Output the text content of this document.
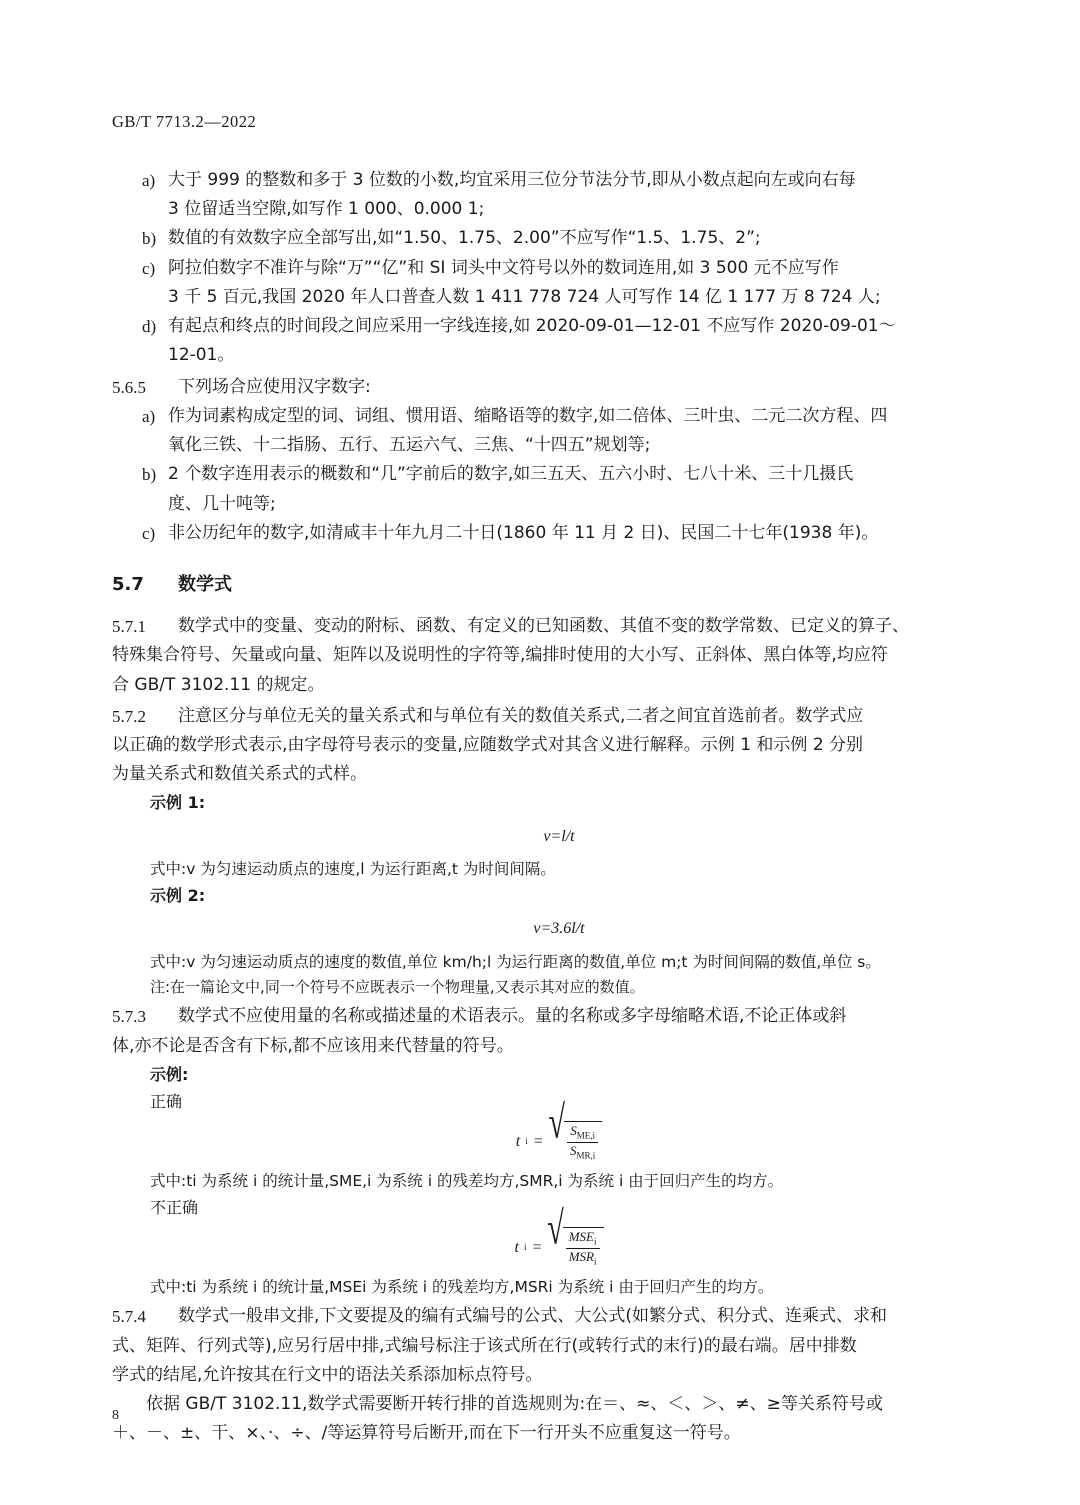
GB/T 7713.2—2022
a) 大于 999 的整数和多于 3 位数的小数,均宜采用三位分节法分节,即从小数点起向左或向右每
3 位留适当空隙,如写作 1 000、0.000 1;
b) 数值的有效数字应全部写出,如“1.50、1.75、2.00”不应写作“1.5、1.75、2”;
c) 阿拉伯数字不准许与除“万”“亿”和 SI 词头中文符号以外的数词连用,如 3 500 元不应写作
3 千 5 百元,我国 2020 年人口普查人数 1 411 778 724 人可写作 14 亿 1 177 万 8 724 人;
d) 有起点和终点的时间段之间应采用一字线连接,如 2020-09-01—12-01 不应写作 2020-09-01～
12-01。
5.6.5	下列场合应使用汉字数字:
a) 作为词素构成定型的词、词组、惯用语、缩略语等的数字,如二倍体、三叶虫、二元二次方程、四
氧化三铁、十二指肠、五行、五运六气、三焦、“十四五”规划等;
b) 2 个数字连用表示的概数和“几”字前后的数字,如三五天、五六小时、七八十米、三十几摄氏
度、几十吨等;
c) 非公历纪年的数字,如清咸丰十年九月二十日(1860 年 11 月 2 日)、民国二十七年(1938 年)。
5.7 数学式
5.7.1	数学式中的变量、变动的附标、函数、有定义的已知函数、其值不变的数学常数、已定义的算子、
特殊集合符号、矢量或向量、矩阵以及说明性的字符等,编排时使用的大小写、正斜体、黑白体等,均应符
合 GB/T 3102.11 的规定。
5.7.2	注意区分与单位无关的量关系式和与单位有关的数值关系式,二者之间宜首选前者。数学式应
以正确的数学形式表示,由字母符号表示的变量,应随数学式对其含义进行解释。示例 1 和示例 2 分别
为量关系式和数值关系式的式样。
示例 1:
v=l/t
式中:v 为匀速运动质点的速度,l 为运行距离,t 为时间间隔。
示例 2:
v=3.6l/t
式中:v 为匀速运动质点的速度的数值,单位 km/h;l 为运行距离的数值,单位 m;t 为时间间隔的数值,单位 s。
注:在一篇论文中,同一个符号不应既表示一个物理量,又表示其对应的数值。
5.7.3	数学式不应使用量的名称或描述量的术语表示。量的名称或多字母缩略术语,不论正体或斜
体,亦不论是否含有下标,都不应该用来代替量的符号。
示例:
正确
t i = √ $\frac{S_{ME,i}}{S_{MR,i}}$
式中:ti 为系统 i 的统计量,SME,i 为系统 i 的残差均方,SMR,i 为系统 i 由于回归产生的均方。
不正确
t i = √ $\frac{MSE_i}{MSR_i}$
式中:ti 为系统 i 的统计量,MSEi 为系统 i 的残差均方,MSRi 为系统 i 由于回归产生的均方。
5.7.4	数学式一般串文排,下文要提及的编有式编号的公式、大公式(如繁分式、积分式、连乘式、求和
式、矩阵、行列式等),应另行居中排,式编号标注于该式所在行(或转行式的末行)的最右端。居中排数
学式的结尾,允许按其在行文中的语法关系添加标点符号。
依据 GB/T 3102.11,数学式需要断开转行排的首选规则为:在＝、≈、＜、＞、≠、≥等关系符号或
＋、－、±、干、×、·、÷、/等运算符号后断开,而在下一行开头不应重复这一符号。
8
